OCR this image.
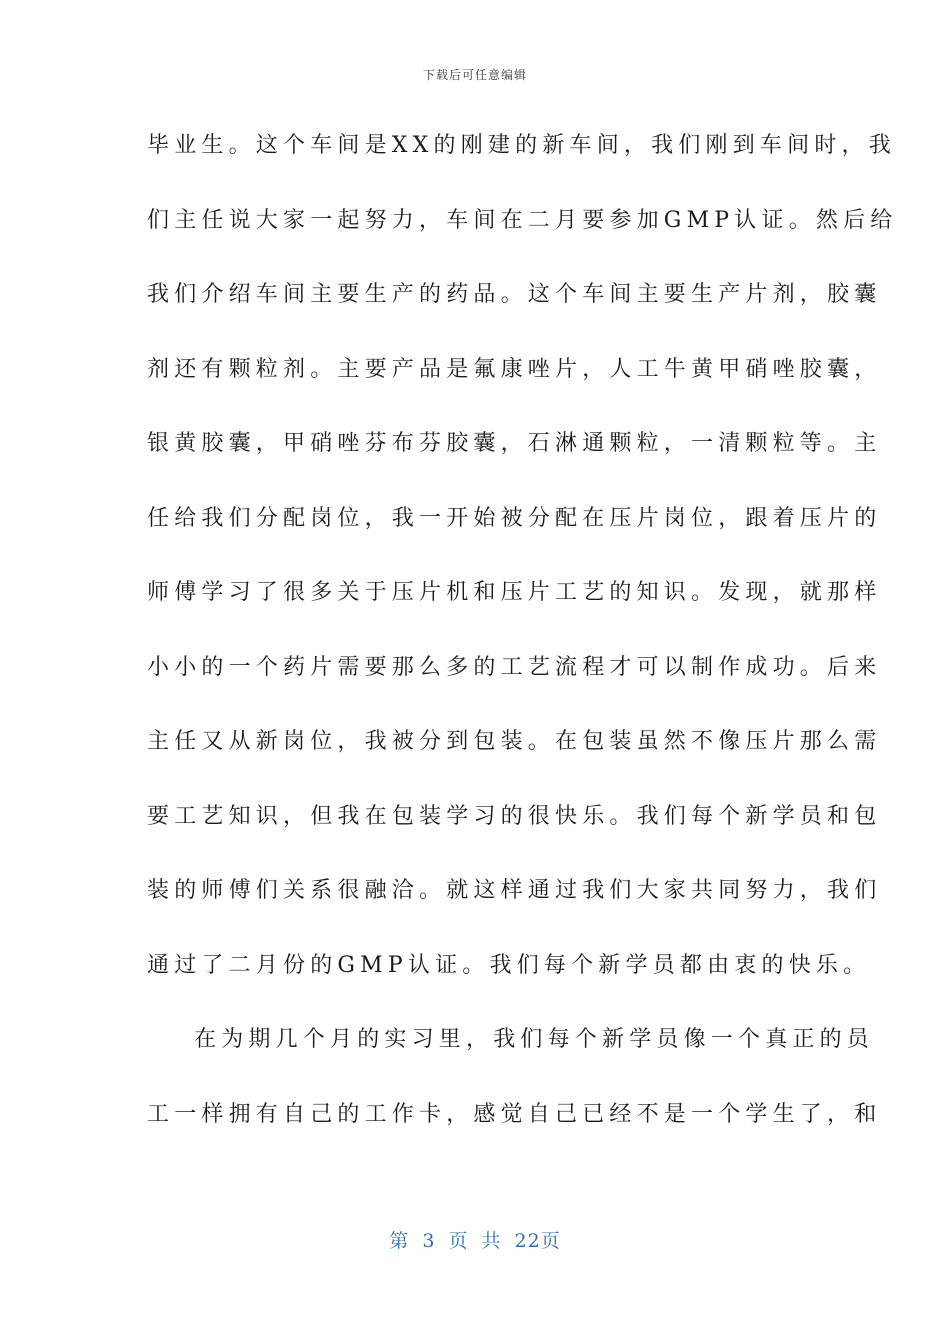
下载后可任意编辑
毕业生。这个车间是XX的刚建的新车间，我们刚到车间时，我
们主任说大家一起努力，车间在二月要参加GMP认证。然后给
我们介绍车间主要生产的药品。这个车间主要生产片剂，胶囊
剂还有颗粒剂。主要产品是氟康唑片，人工牛黄甲硝唑胶囊，
银黄胶囊，甲硝唑芬布芬胶囊，石淋通颗粒，一清颗粒等。主
任给我们分配岗位，我一开始被分配在压片岗位，跟着压片的
师傅学习了很多关于压片机和压片工艺的知识。发现，就那样
小小的一个药片需要那么多的工艺流程才可以制作成功。后来
主任又从新岗位，我被分到包装。在包装虽然不像压片那么需
要工艺知识，但我在包装学习的很快乐。我们每个新学员和包
装的师傅们关系很融洽。就这样通过我们大家共同努力，我们
通过了二月份的GMP认证。我们每个新学员都由衷的快乐。
在为期几个月的实习里，我们每个新学员像一个真正的员
工一样拥有自己的工作卡，感觉自己已经不是一个学生了，和
第 3 页 共 22页
